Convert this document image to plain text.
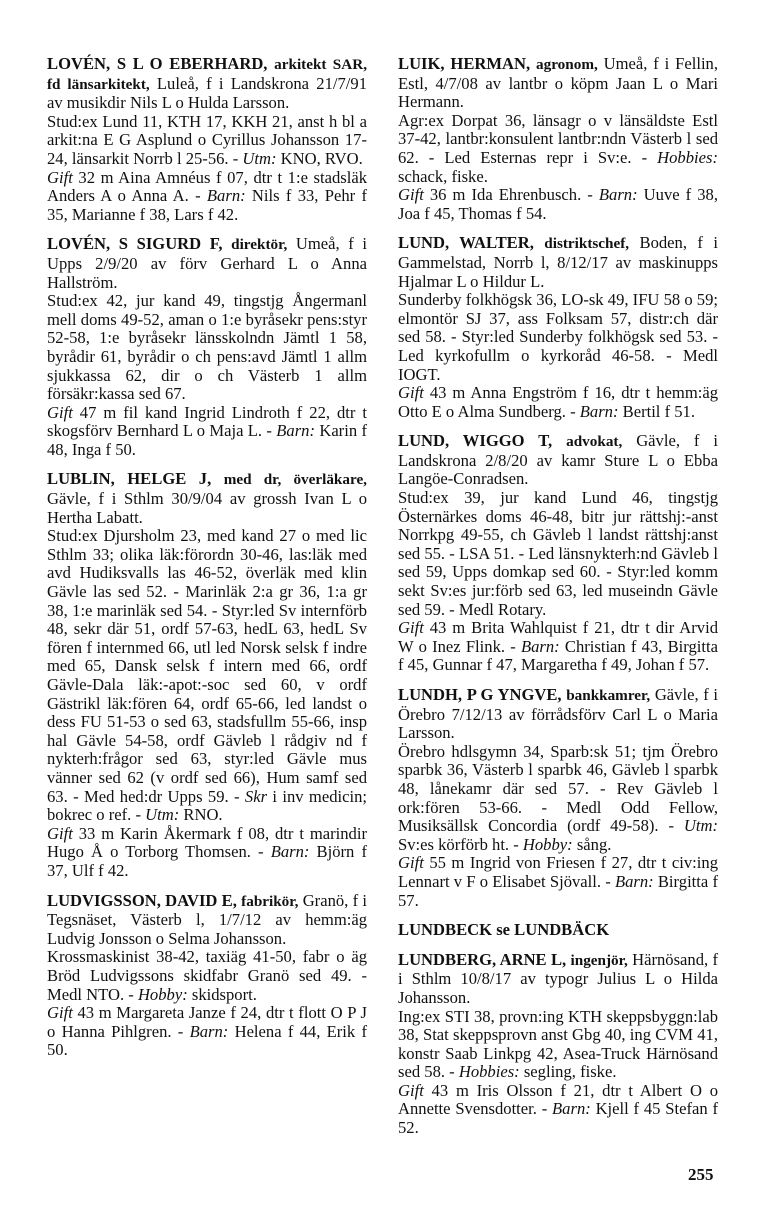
LOVÉN, S L O EBERHARD, arkitekt SAR, fd länsarkitekt, Luleå, f i Landskrona 21/7/91 av musikdir Nils L o Hulda Larsson.
Stud:ex Lund 11, KTH 17, KKH 21, anst h bl a arkit:na E G Asplund o Cyrillus Johansson 17-24, länsarkit Norrb l 25-56. - Utm: KNO, RVO.
Gift 32 m Aina Amnéus f 07, dtr t 1:e stadsläk Anders A o Anna A. - Barn: Nils f 33, Pehr f 35, Marianne f 38, Lars f 42.
LOVÉN, S SIGURD F, direktör, Umeå, f i Upps 2/9/20 av förv Gerhard L o Anna Hallström.
Stud:ex 42, jur kand 49, tingstjg Ångermanl mell doms 49-52, aman o 1:e byråsekr pens:styr 52-58, 1:e byråsekr länsskolndn Jämtl 1 58, byrådir 61, byrådir o ch pens:avd Jämtl 1 allm sjukkassa 62, dir o ch Västerb 1 allm försäkr:kassa sed 67.
Gift 47 m fil kand Ingrid Lindroth f 22, dtr t skogsförv Bernhard L o Maja L. - Barn: Karin f 48, Inga f 50.
LUBLIN, HELGE J, med dr, överläkare, Gävle, f i Sthlm 30/9/04 av grossh Ivan L o Hertha Labatt.
Stud:ex Djursholm 23, med kand 27 o med lic Sthlm 33; olika läk:förordn 30-46, las:läk med avd Hudiksvalls las 46-52, överläk med klin Gävle las sed 52. - Marinläk 2:a gr 36, 1:a gr 38, 1:e marinläk sed 54. - Styr:led Sv internförb 48, sekr där 51, ordf 57-63, hedL 63, hedL Sv fören f internmed 66, utl led Norsk selsk f indre med 65, Dansk selsk f intern med 66, ordf Gävle-Dala läk:-apot:-soc sed 60, v ordf Gästrikl läk:fören 64, ordf 65-66, led landst o dess FU 51-53 o sed 63, stadsfullm 55-66, insp hal Gävle 54-58, ordf Gävleb l rådgiv nd f nykterh:frågor sed 63, styr:led Gävle mus vänner sed 62 (v ordf sed 66), Hum samf sed 63. - Med hed:dr Upps 59. - Skr i inv medicin; bokrec o ref. - Utm: RNO.
Gift 33 m Karin Åkermark f 08, dtr t marindir Hugo Å o Torborg Thomsen. - Barn: Björn f 37, Ulf f 42.
LUDVIGSSON, DAVID E, fabrikör, Granö, f i Tegsnäset, Västerb l, 1/7/12 av hemm:äg Ludvig Jonsson o Selma Johansson.
Krossmaskinist 38-42, taxiäg 41-50, fabr o äg Bröd Ludvigssons skidfabr Granö sed 49. - Medl NTO. - Hobby: skidsport.
Gift 43 m Margareta Janze f 24, dtr t flott O P J o Hanna Pihlgren. - Barn: Helena f 44, Erik f 50.
LUIK, HERMAN, agronom, Umeå, f i Fellin, Estl, 4/7/08 av lantbr o köpm Jaan L o Mari Hermann.
Agr:ex Dorpat 36, länsagr o v länsäldste Estl 37-42, lantbr:konsulent lantbr:ndn Västerb l sed 62. - Led Esternas repr i Sv:e. - Hobbies: schack, fiske.
Gift 36 m Ida Ehrenbusch. - Barn: Uuve f 38, Joa f 45, Thomas f 54.
LUND, WALTER, distriktschef, Boden, f i Gammelstad, Norrb l, 8/12/17 av maskinupps Hjalmar L o Hildur L.
Sunderby folkhögsk 36, LO-sk 49, IFU 58 o 59; elmontör SJ 37, ass Folksam 57, distr:ch där sed 58. - Styr:led Sunderby folkhögsk sed 53. - Led kyrkofullm o kyrkoråd 46-58. - Medl IOGT.
Gift 43 m Anna Engström f 16, dtr t hemm:äg Otto E o Alma Sundberg. - Barn: Bertil f 51.
LUND, WIGGO T, advokat, Gävle, f i Landskrona 2/8/20 av kamr Sture L o Ebba Langöe-Conradsen.
Stud:ex 39, jur kand Lund 46, tingstjg Östernärkes doms 46-48, bitr jur rättshj:-anst Norrkpg 49-55, ch Gävleb l landst rättshj:anst sed 55. - LSA 51. - Led länsnykterh:nd Gävleb l sed 59, Upps domkap sed 60. - Styr:led komm sekt Sv:es jur:förb sed 63, led museindn Gävle sed 59. - Medl Rotary.
Gift 43 m Brita Wahlquist f 21, dtr t dir Arvid W o Inez Flink. - Barn: Christian f 43, Birgitta f 45, Gunnar f 47, Margaretha f 49, Johan f 57.
LUNDH, P G YNGVE, bankkamrer, Gävle, f i Örebro 7/12/13 av förrådsförv Carl L o Maria Larsson.
Örebro hdlsgymn 34, Sparb:sk 51; tjm Örebro sparbk 36, Västerb l sparbk 46, Gävleb l sparbk 48, lånekamr där sed 57. - Rev Gävleb l ork:fören 53-66. - Medl Odd Fellow, Musiksällsk Concordia (ordf 49-58). - Utm: Sv:es körförb ht. - Hobby: sång.
Gift 55 m Ingrid von Friesen f 27, dtr t civ:ing Lennart v F o Elisabet Sjövall. - Barn: Birgitta f 57.
LUNDBECK se LUNDBÄCK
LUNDBERG, ARNE L, ingenjör, Härnösand, f i Sthlm 10/8/17 av typogr Julius L o Hilda Johansson.
Ing:ex STI 38, provn:ing KTH skeppsbyggn:lab 38, Stat skeppsprovn anst Gbg 40, ing CVM 41, konstr Saab Linkpg 42, Asea-Truck Härnösand sed 58. - Hobbies: segling, fiske.
Gift 43 m Iris Olsson f 21, dtr t Albert O o Annette Svensdotter. - Barn: Kjell f 45 Stefan f 52.
255
